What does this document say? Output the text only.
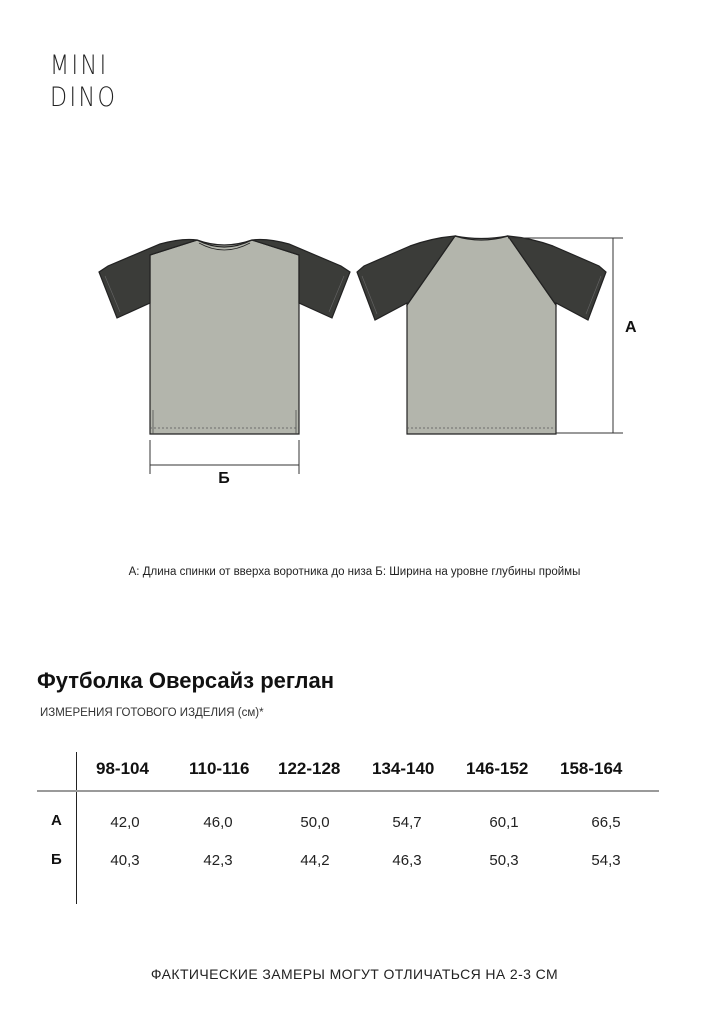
MINI
DINO
Б
А
А: Длина спинки от вверха воротника до низа Б: Ширина на уровне глубины проймы
Футболка Оверсайз реглан
ИЗМЕРЕНИЯ ГОТОВОГО ИЗДЕЛИЯ (см)*
98-104 110-116 122-128 134-140 146-152 158-164
А	42,0	46,0	50,0	54,7	60,1	66,5
Б	40,3	42,3	44,2	46,3	50,3	54,3
ФАКТИЧЕСКИЕ ЗАМЕРЫ МОГУТ ОТЛИЧАТЬСЯ НА 2-3 СМ
